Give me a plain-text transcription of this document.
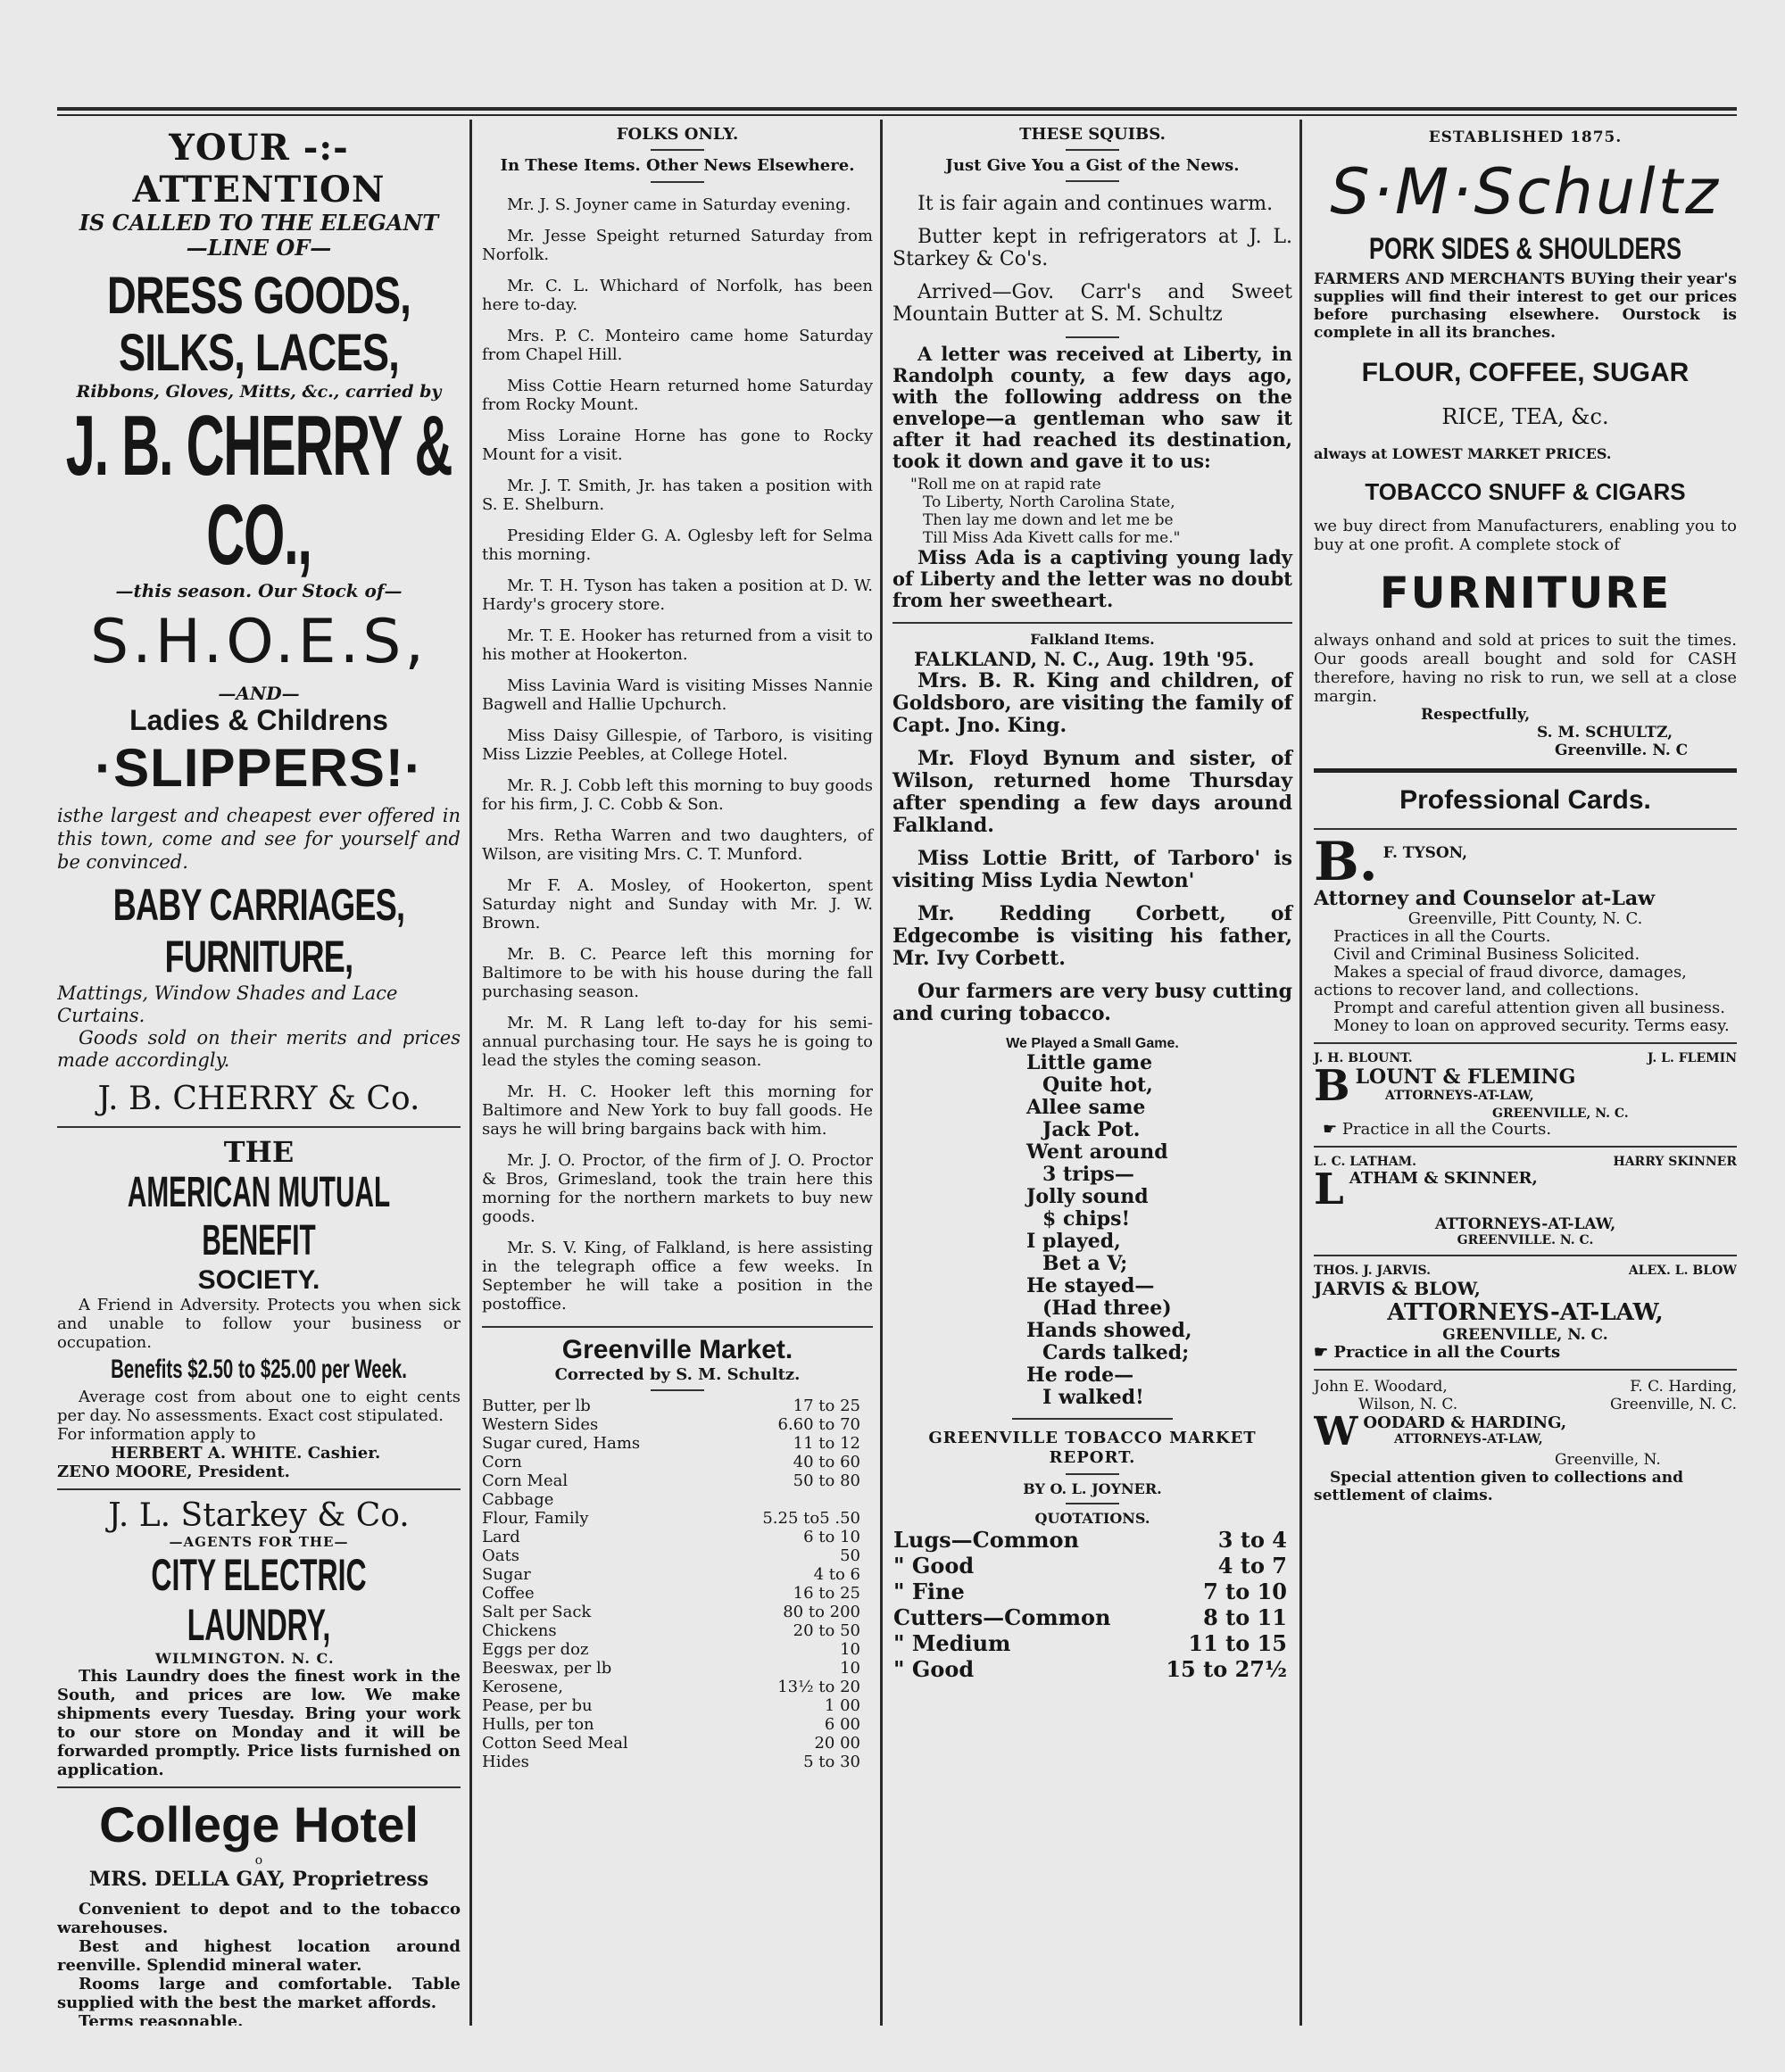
YOUR -:- ATTENTION
IS CALLED TO THE ELEGANT
—LINE OF—
DRESS GOODS, SILKS, LACES,
Ribbons, Gloves, Mitts, &c., carried by
J. B. CHERRY & CO.,
—this season. Our Stock of—
S.H.O.E.S,
—AND—
Ladies & Childrens
·SLIPPERS!·
isthe largest and cheapest ever offered in this town, come and see for yourself and be convinced.
BABY CARRIAGES, FURNITURE,
Mattings, Window Shades and Lace Curtains.
Goods sold on their merits and prices made accordingly.
J. B. CHERRY & Co.
THE
AMERICAN MUTUAL BENEFIT
SOCIETY.
A Friend in Adversity. Protects you when sick and unable to follow your business or occupation.
Benefits $2.50 to $25.00 per Week.
Average cost from about one to eight cents per day. No assessments. Exact cost stipulated.
For information apply to
HERBERT A. WHITE. Cashier.
ZENO MOORE, President.
J. L. Starkey & Co.
—AGENTS FOR THE—
CITY ELECTRIC LAUNDRY,
WILMINGTON. N. C.
This Laundry does the finest work in the South, and prices are low. We make shipments every Tuesday. Bring your work to our store on Monday and it will be forwarded promptly. Price lists furnished on application.
College Hotel
o
MRS. DELLA GAY, Proprietress
Convenient to depot and to the tobacco warehouses.
Best and highest location around reenville. Splendid mineral water.
Rooms large and comfortable. Table supplied with the best the market affords.
Terms reasonable.
FOLKS ONLY.
In These Items. Other News Elsewhere.

Mr. J. S. Joyner came in Saturday evening.

Mr. Jesse Speight returned Saturday from Norfolk.

Mr. C. L. Whichard of Norfolk, has been here to-day.

Mrs. P. C. Monteiro came home Saturday from Chapel Hill.

Miss Cottie Hearn returned home Saturday from Rocky Mount.

Miss Loraine Horne has gone to Rocky Mount for a visit.

Mr. J. T. Smith, Jr. has taken a position with S. E. Shelburn.

Presiding Elder G. A. Oglesby left for Selma this morning.

Mr. T. H. Tyson has taken a position at D. W. Hardy's grocery store.

Mr. T. E. Hooker has returned from a visit to his mother at Hookerton.

Miss Lavinia Ward is visiting Misses Nannie Bagwell and Hallie Upchurch.

Miss Daisy Gillespie, of Tarboro, is visiting Miss Lizzie Peebles, at College Hotel.

Mr. R. J. Cobb left this morning to buy goods for his firm, J. C. Cobb & Son.

Mrs. Retha Warren and two daughters, of Wilson, are visiting Mrs. C. T. Munford.

Mr F. A. Mosley, of Hookerton, spent Saturday night and Sunday with Mr. J. W. Brown.

Mr. B. C. Pearce left this morning for Baltimore to be with his house during the fall purchasing season.

Mr. M. R Lang left to-day for his semi-annual purchasing tour. He says he is going to lead the styles the coming season.

Mr. H. C. Hooker left this morning for Baltimore and New York to buy fall goods. He says he will bring bargains back with him.

Mr. J. O. Proctor, of the firm of J. O. Proctor & Bros, Grimesland, took the train here this morning for the northern markets to buy new goods.

Mr. S. V. King, of Falkland, is here assisting in the telegraph office a few weeks. In September he will take a position in the postoffice.

Greenville Market.
Corrected by S. M. Schultz.
Butter, per lb	17 to 25
Western Sides	6.60 to 70
Sugar cured, Hams	11 to 12
Corn	40 to 60
Corn Meal	50 to 80
Cabbage	
Flour, Family	5.25 to5 .50
Lard	6 to 10
Oats	50
Sugar	4 to 6
Coffee	16 to 25
Salt per Sack	80 to 200
Chickens	20 to 50
Eggs per doz	10
Beeswax, per lb	10
Kerosene,	13½ to 20
Pease, per bu	1 00
Hulls, per ton	6 00
Cotton Seed Meal	20 00
Hides	5 to 30
THESE SQUIBS.
Just Give You a Gist of the News.
It is fair again and continues warm.
Butter kept in refrigerators at J. L. Starkey & Co's.
Arrived—Gov. Carr's and Sweet Mountain Butter at S. M. Schultz
A letter was received at Liberty, in Randolph county, a few days ago, with the following address on the envelope—a gentleman who saw it after it had reached its destination, took it down and gave it to us:
"Roll me on at rapid rate
To Liberty, North Carolina State,
Then lay me down and let me be
Till Miss Ada Kivett calls for me."
Miss Ada is a captiving young lady of Liberty and the letter was no doubt from her sweetheart.
Falkland Items.
FALKLAND, N. C., Aug. 19th '95.
Mrs. B. R. King and children, of Goldsboro, are visiting the family of Capt. Jno. King.
Mr. Floyd Bynum and sister, of Wilson, returned home Thursday after spending a few days around Falkland.
Miss Lottie Britt, of Tarboro' is visiting Miss Lydia Newton'
Mr. Redding Corbett, of Edgecombe is visiting his father, Mr. Ivy Corbett.
Our farmers are very busy cutting and curing tobacco.
We Played a Small Game.
Little game
Quite hot,
Allee same
Jack Pot.
Went around
3 trips—
Jolly sound
$ chips!
I played,
Bet a V;
He stayed—
(Had three)
Hands showed,
Cards talked;
He rode—
I walked!
GREENVILLE TOBACCO MARKET REPORT.
BY O. L. JOYNER.
QUOTATIONS.
Lugs—Common	3 to 4
" Good	4 to 7
" Fine	7 to 10
Cutters—Common	8 to 11
" Medium	11 to 15
" Good	15 to 27½
ESTABLISHED 1875.
S·M·Schultz
PORK SIDES & SHOULDERS
FARMERS AND MERCHANTS BUYing their year's supplies will find their interest to get our prices before purchasing elsewhere. Ourstock is complete in all its branches.
FLOUR, COFFEE, SUGAR
RICE, TEA, &c.
always at LOWEST MARKET PRICES.
TOBACCO SNUFF & CIGARS
we buy direct from Manufacturers, enabling you to buy at one profit. A complete stock of
FURNITURE
always onhand and sold at prices to suit the times. Our goods areall bought and sold for CASH therefore, having no risk to run, we sell at a close margin.
Respectfully,
S. M. SCHULTZ,
Greenville. N. C
Professional Cards.
B. F. TYSON,
Attorney and Counselor at-Law
Greenville, Pitt County, N. C.
Practices in all the Courts.
Civil and Criminal Business Solicited.
Makes a special of fraud divorce, damages, actions to recover land, and collections.
Prompt and careful attention given all business.
Money to loan on approved security. Terms easy.
J. H. BLOUNT.	J. L. FLEMIN
B LOUNT & FLEMING
ATTORNEYS-AT-LAW,
GREENVILLE, N. C.
☛ Practice in all the Courts.
L. C. LATHAM.	HARRY SKINNER
L ATHAM & SKINNER,
ATTORNEYS-AT-LAW,
GREENVILLE. N. C.
THOS. J. JARVIS.	ALEX. L. BLOW
JARVIS & BLOW,
ATTORNEYS-AT-LAW,
GREENVILLE, N. C.
☛ Practice in all the Courts
John E. Woodard,	F. C. Harding,
Wilson, N. C.	Greenville, N. C.
W OODARD & HARDING,
ATTORNEYS-AT-LAW,
Greenville, N.
Special attention given to collections and settlement of claims.
